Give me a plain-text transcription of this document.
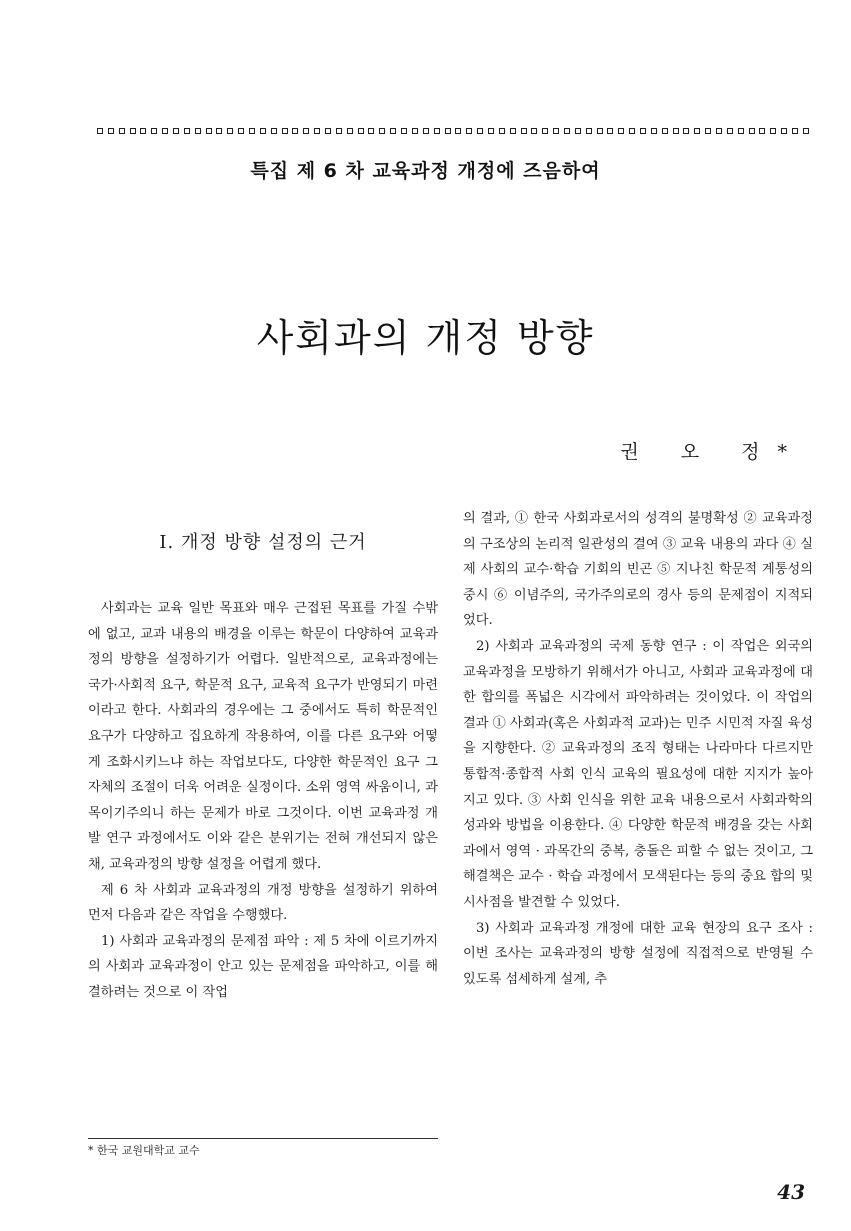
특집 제 6 차 교육과정 개정에 즈음하여
사회과의 개정 방향
권 오 정*
I. 개정 방향 설정의 근거

사회과는 교육 일반 목표와 매우 근접된 목표를 가질 수밖에 없고, 교과 내용의 배경을 이루는 학문이 다양하여 교육과정의 방향을 설정하기가 어렵다. 일반적으로, 교육과정에는 국가·사회적 요구, 학문적 요구, 교육적 요구가 반영되기 마련이라고 한다. 사회과의 경우에는 그 중에서도 특히 학문적인 요구가 다양하고 집요하게 작용하여, 이를 다른 요구와 어떻게 조화시키느냐 하는 작업보다도, 다양한 학문적인 요구 그 자체의 조절이 더욱 어려운 실정이다. 소위 영역 싸움이니, 과목이기주의니 하는 문제가 바로 그것이다. 이번 교육과정 개발 연구 과정에서도 이와 같은 분위기는 전혀 개선되지 않은 채, 교육과정의 방향 설정을 어렵게 했다.

제 6 차 사회과 교육과정의 개정 방향을 설정하기 위하여 먼저 다음과 같은 작업을 수행했다.

1) 사회과 교육과정의 문제점 파악 : 제 5 차에 이르기까지의 사회과 교육과정이 안고 있는 문제점을 파악하고, 이를 해결하려는 것으로 이 작업

의 결과, ① 한국 사회과로서의 성격의 불명확성 ② 교육과정의 구조상의 논리적 일관성의 결여 ③ 교육 내용의 과다 ④ 실제 사회의 교수·학습 기회의 빈곤 ⑤ 지나친 학문적 계통성의 중시 ⑥ 이념주의, 국가주의로의 경사 등의 문제점이 지적되었다.

2) 사회과 교육과정의 국제 동향 연구 : 이 작업은 외국의 교육과정을 모방하기 위해서가 아니고, 사회과 교육과정에 대한 합의를 폭넓은 시각에서 파악하려는 것이었다. 이 작업의 결과 ① 사회과(혹은 사회과적 교과)는 민주 시민적 자질 육성을 지향한다. ② 교육과정의 조직 형태는 나라마다 다르지만 통합적·종합적 사회 인식 교육의 필요성에 대한 지지가 높아지고 있다. ③ 사회 인식을 위한 교육 내용으로서 사회과학의 성과와 방법을 이용한다. ④ 다양한 학문적 배경을 갖는 사회과에서 영역 · 과목간의 중복, 충돌은 피할 수 없는 것이고, 그 해결책은 교수 · 학습 과정에서 모색된다는 등의 중요 합의 및 시사점을 발견할 수 있었다.

3) 사회과 교육과정 개정에 대한 교육 현장의 요구 조사 : 이번 조사는 교육과정의 방향 설정에 직접적으로 반영될 수 있도록 섬세하게 설계, 추

* 한국 교원대학교 교수
43
